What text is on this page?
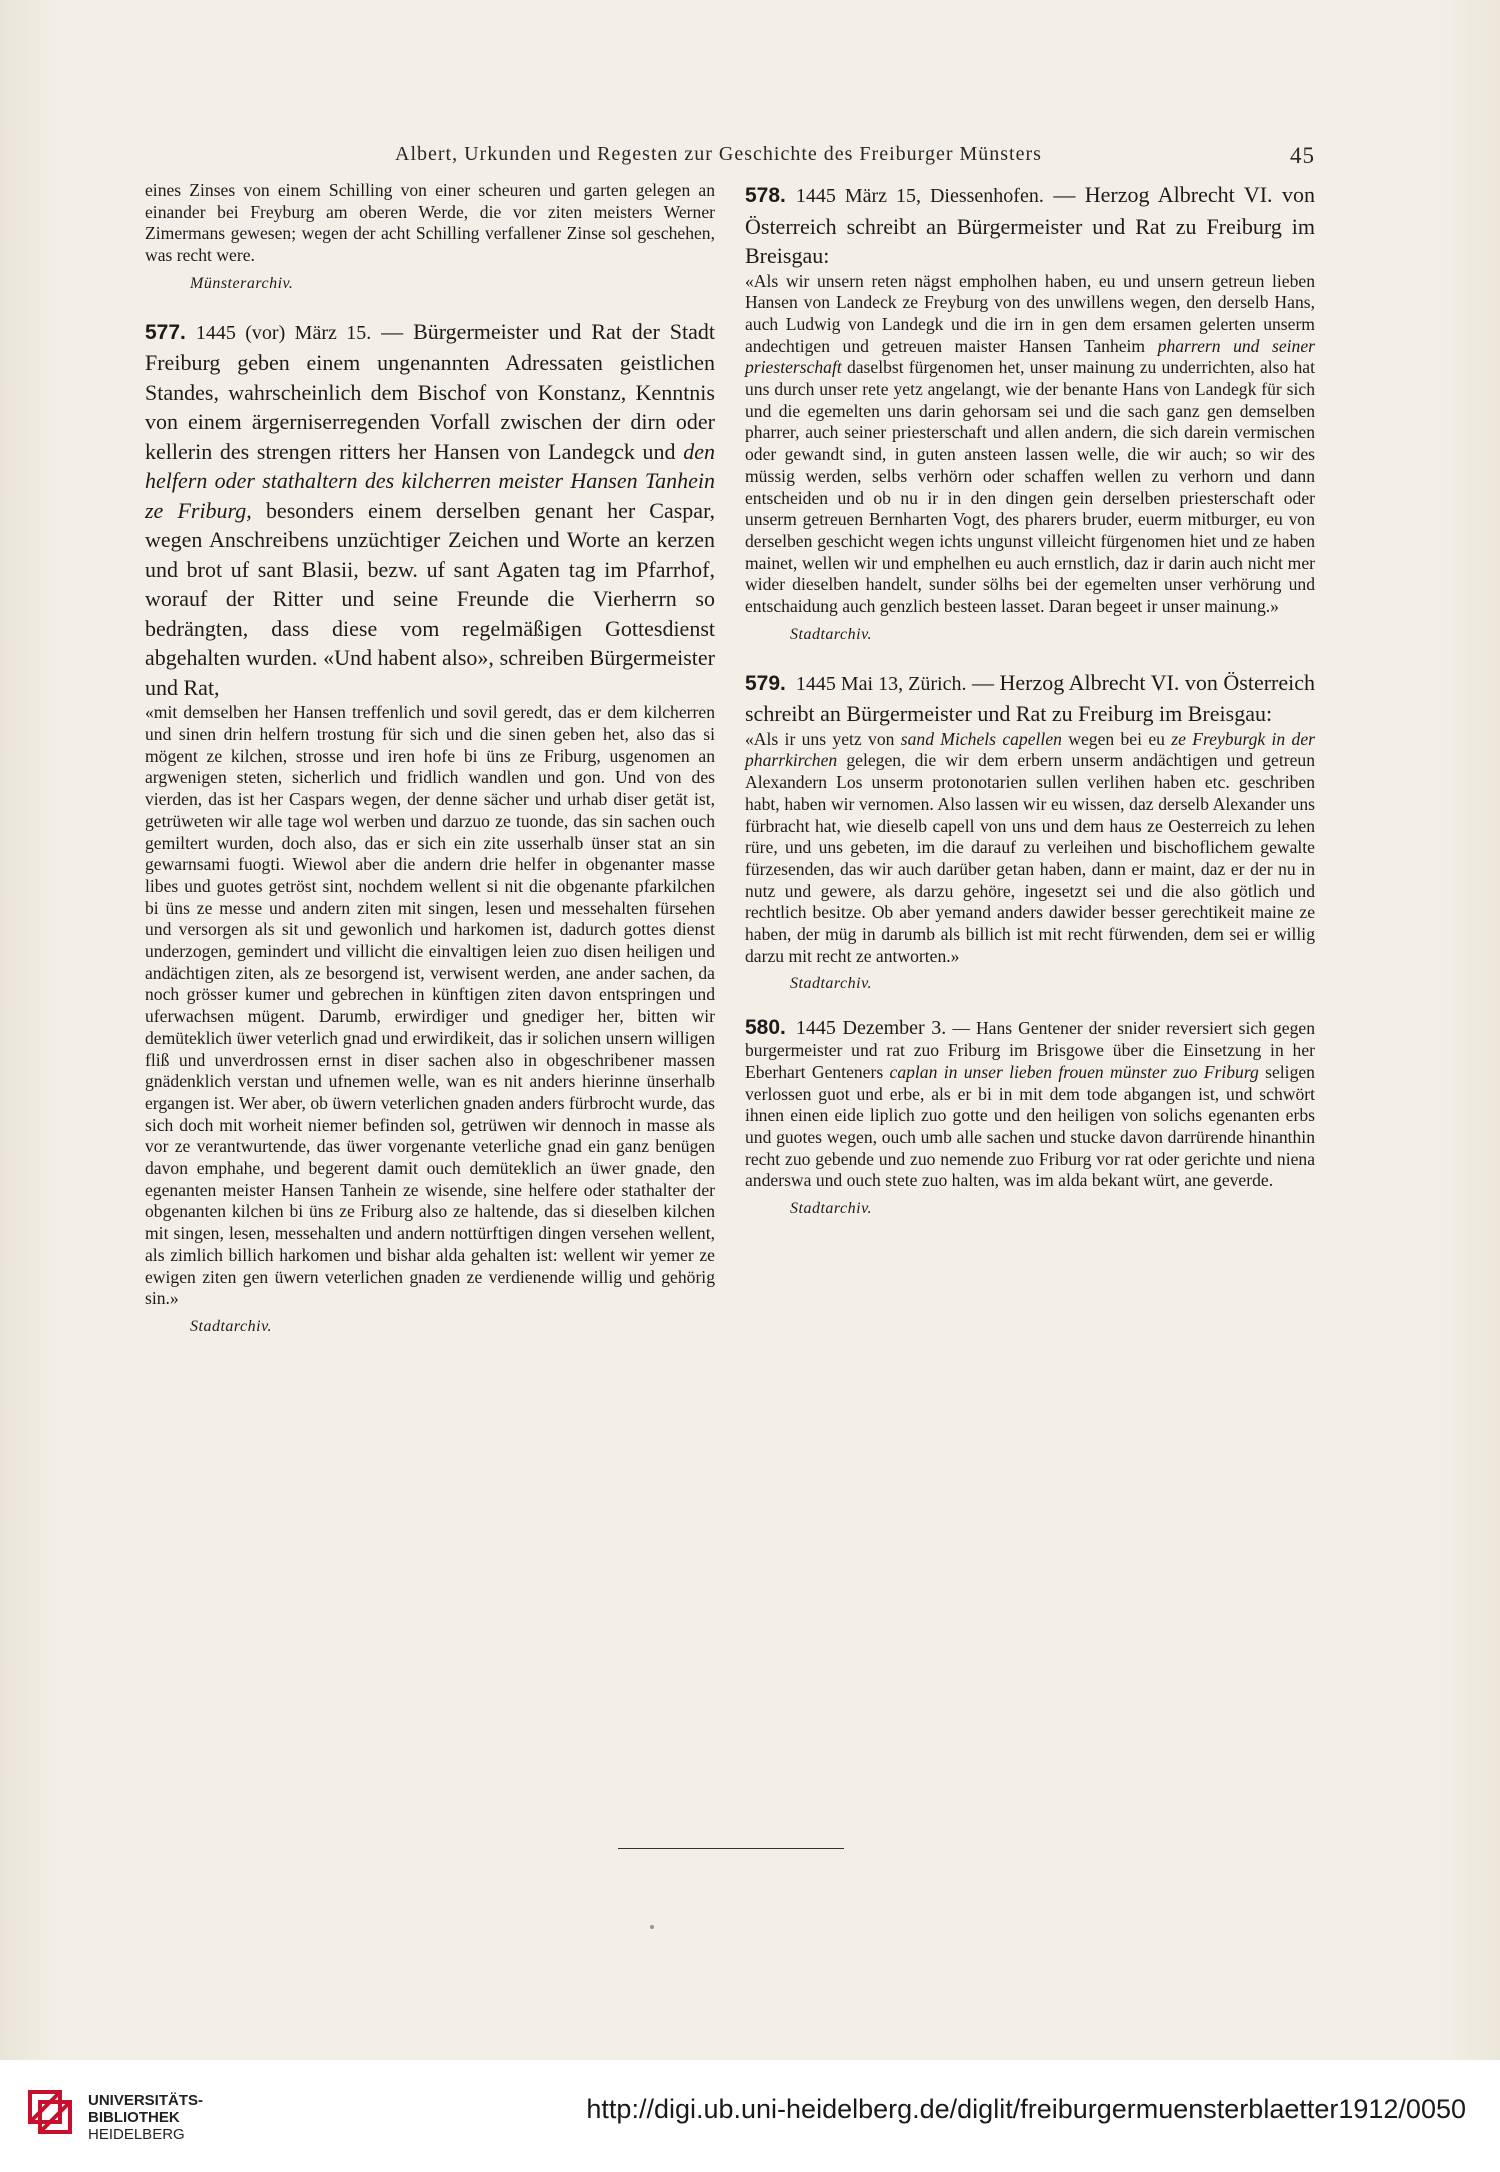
Albert, Urkunden und Regesten zur Geschichte des Freiburger Münsters	45

eines Zinses von einem Schilling von einer scheuren und garten gelegen an einander bei Freyburg am oberen Werde, die vor ziten meisters Werner Zimermans gewesen; wegen der acht Schilling verfallener Zinse sol geschehen, was recht were.

Münsterarchiv.

577. 1445 (vor) März 15. — Bürgermeister und Rat der Stadt Freiburg geben einem ungenannten Adressaten geistlichen Standes, wahrscheinlich dem Bischof von Konstanz, Kenntnis von einem ärgerniserregenden Vorfall zwischen der dirn oder kellerin des strengen ritters her Hansen von Landegck und den helfern oder stathaltern des kilcherren meister Hansen Tanhein ze Friburg, besonders einem derselben genant her Caspar, wegen Anschreibens unzüchtiger Zeichen und Worte an kerzen und brot uf sant Blasii, bezw. uf sant Agaten tag im Pfarrhof, worauf der Ritter und seine Freunde die Vierherrn so bedrängten, dass diese vom regelmäßigen Gottesdienst abgehalten wurden. «Und habent also», schreiben Bürgermeister und Rat,

«mit demselben her Hansen treffenlich und sovil geredt, das er dem kilcherren und sinen drin helfern trostung für sich und die sinen geben het, also das si mögent ze kilchen, strosse und iren hofe bi üns ze Friburg, usgenomen an argwenigen steten, sicherlich und fridlich wandlen und gon. Und von des vierden, das ist her Caspars wegen, der denne sächer und urhab diser getät ist, getrüweten wir alle tage wol werben und darzuo ze tuonde, das sin sachen ouch gemiltert wurden, doch also, das er sich ein zite usserhalb ünser stat an sin gewarnsami fuogti. Wiewol aber die andern drie helfer in obgenanter masse libes und guotes getröst sint, nochdem wellent si nit die obgenante pfarkilchen bi üns ze messe und andern ziten mit singen, lesen und messehalten fürsehen und versorgen als sit und gewonlich und harkomen ist, dadurch gottes dienst underzogen, gemindert und villicht die einvaltigen leien zuo disen heiligen und andächtigen ziten, als ze besorgend ist, verwisent werden, ane ander sachen, da noch grösser kumer und gebrechen in künftigen ziten davon entspringen und uferwachsen mügent. Darumb, erwirdiger und gnediger her, bitten wir demüteklich üwer veterlich gnad und erwirdikeit, das ir solichen unsern willigen fliß und unverdrossen ernst in diser sachen also in obgeschribener massen gnädenklich verstan und ufnemen welle, wan es nit anders hierinne ünserhalb ergangen ist. Wer aber, ob üwern veterlichen gnaden anders fürbrocht wurde, das sich doch mit worheit niemer befinden sol, getrüwen wir dennoch in masse als vor ze verantwurtende, das üwer vorgenante veterliche gnad ein ganz benügen davon emphahe, und begerent damit ouch demüteklich an üwer gnade, den egenanten meister Hansen Tanhein ze wisende, sine helfere oder stathalter der obgenanten kilchen bi üns ze Friburg also ze haltende, das si dieselben kilchen mit singen, lesen, messehalten und andern nottürftigen dingen versehen wellent, als zimlich billich harkomen und bishar alda gehalten ist: wellent wir yemer ze ewigen ziten gen üwern veterlichen gnaden ze verdienende willig und gehörig sin.»

Stadtarchiv.

578. 1445 März 15, Diessenhofen. — Herzog Albrecht VI. von Österreich schreibt an Bürgermeister und Rat zu Freiburg im Breisgau:

«Als wir unsern reten nägst empholhen haben, eu und unsern getreun lieben Hansen von Landeck ze Freyburg von des unwillens wegen, den derselb Hans, auch Ludwig von Landegk und die irn in gen dem ersamen gelerten unserm andechtigen und getreuen maister Hansen Tanheim pharrern und seiner priesterschaft daselbst fürgenomen het, unser mainung zu underrichten, also hat uns durch unser rete yetz angelangt, wie der benante Hans von Landegk für sich und die egemelten uns darin gehorsam sei und die sach ganz gen demselben pharrer, auch seiner priesterschaft und allen andern, die sich darein vermischen oder gewandt sind, in guten ansteen lassen welle, die wir auch; so wir des müssig werden, selbs verhörn oder schaffen wellen zu verhorn und dann entscheiden und ob nu ir in den dingen gein derselben priesterschaft oder unserm getreuen Bernharten Vogt, des pharers bruder, euerm mitburger, eu von derselben geschicht wegen ichts ungunst villeicht fürgenomen hiet und ze haben mainet, wellen wir und emphelhen eu auch ernstlich, daz ir darin auch nicht mer wider dieselben handelt, sunder sölhs bei der egemelten unser verhörung und entschaidung auch genzlich besteen lasset. Daran begeet ir unser mainung.»

Stadtarchiv.

579. 1445 Mai 13, Zürich. — Herzog Albrecht VI. von Österreich schreibt an Bürgermeister und Rat zu Freiburg im Breisgau:

«Als ir uns yetz von sand Michels capellen wegen bei eu ze Freyburgk in der pharrkirchen gelegen, die wir dem erbern unserm andächtigen und getreun Alexandern Los unserm protonotarien sullen verlihen haben etc. geschriben habt, haben wir vernomen. Also lassen wir eu wissen, daz derselb Alexander uns fürbracht hat, wie dieselb capell von uns und dem haus ze Oesterreich zu lehen rüre, und uns gebeten, im die darauf zu verleihen und bischoflichem gewalte fürzesenden, das wir auch darüber getan haben, dann er maint, daz er der nu in nutz und gewere, als darzu gehöre, ingesetzt sei und die also götlich und rechtlich besitze. Ob aber yemand anders dawider besser gerechtikeit maine ze haben, der müg in darumb als billich ist mit recht fürwenden, dem sei er willig darzu mit recht ze antworten.»

Stadtarchiv.

580. 1445 Dezember 3. — Hans Gentener der snider reversiert sich gegen burgermeister und rat zuo Friburg im Brisgowe über die Einsetzung in her Eberhart Genteners caplan in unser lieben frouen münster zuo Friburg seligen verlossen guot und erbe, als er bi in mit dem tode abgangen ist, und schwört ihnen einen eide liplich zuo gotte und den heiligen von solichs egenanten erbs und guotes wegen, ouch umb alle sachen und stucke davon darrürende hinanthin recht zuo gebende und zuo nemende zuo Friburg vor rat oder gerichte und niena anderswa und ouch stete zuo halten, was im alda bekant würt, ane geverde.

Stadtarchiv.

UNIVERSITÄTS-
BIBLIOTHEK
HEIDELBERG
http://digi.ub.uni-heidelberg.de/diglit/freiburgermuensterblaetter1912/0050
